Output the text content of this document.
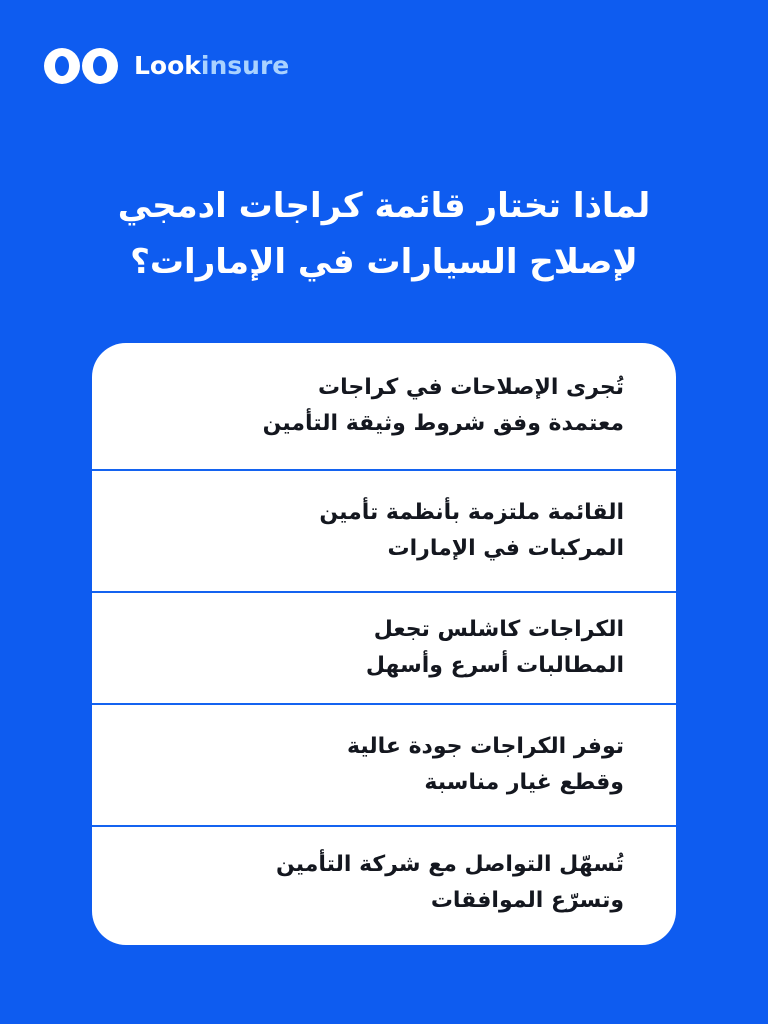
Lookinsure
لماذا تختار قائمة كراجات ادمجي
لإصلاح السيارات في الإمارات؟
تُجرى الإصلاحات في كراجات
معتمدة وفق شروط وثيقة التأمين
القائمة ملتزمة بأنظمة تأمين
المركبات في الإمارات
الكراجات كاشلس تجعل
المطالبات أسرع وأسهل
توفر الكراجات جودة عالية
وقطع غيار مناسبة
تُسهّل التواصل مع شركة التأمين
وتسرّع الموافقات
